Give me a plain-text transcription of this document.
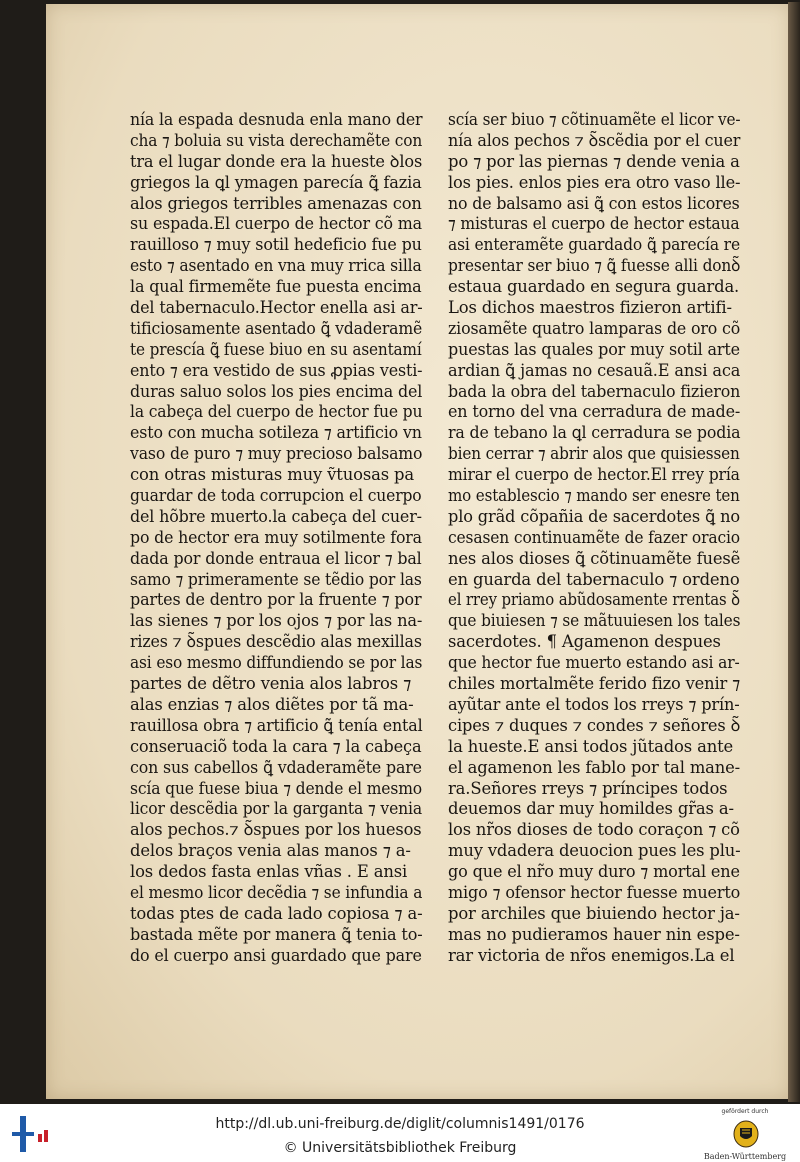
nía la espada desnuda enla mano der
cha ⁊ boluia su vista derechamẽte con
tra el lugar donde era la hueste ꝺlos
griegos la ꝗl ymagen parecía ꝗ̃ fazia
alos griegos terribles amenazas con
su espada.El cuerpo de hector cõ ma
rauilloso ⁊ muy sotil hedeficio fue pu
esto ⁊ asentado en vna muy rrica silla
la qual firmemẽte fue puesta encima
del tabernaculo.Hector enella asi ar-
tificiosamente asentado ꝗ̃ vdaderamẽ
te prescía ꝗ̃ fuese biuo en su asentamí
ento ⁊ era vestido de sus ꝓpias vesti-
duras saluo solos los pies encima del
la cabeça del cuerpo de hector fue pu
esto con mucha sotileza ⁊ artificio vn
vaso de puro ⁊ muy precioso balsamo
con otras misturas muy ṽtuosas pa
guardar de toda corrupcion el cuerpo
del hõbre muerto.la cabeça del cuer-
po de hector era muy sotilmente fora
dada por donde entraua el licor ⁊ bal
samo ⁊ primeramente se tẽdio por las
partes de dentro por la fruente ⁊ por
las sienes ⁊ por los ojos ⁊ por las na-
rizes ⁊ ꝺ̃spues descẽdio alas mexillas
asi eso mesmo diffundiendo se por las
partes de dẽtro venia alos labros ⁊
alas enzias ⁊ alos diẽtes por tã ma-
rauillosa obra ⁊ artificio ꝗ̃ tenía ental
conseruaciõ toda la cara ⁊ la cabeça
con sus cabellos ꝗ̃ vdaderamẽte pare
scía que fuese biua ⁊ dende el mesmo
licor descẽdia por la garganta ⁊ venia
alos pechos.⁊ ꝺ̃spues por los huesos
delos braços venia alas manos ⁊ a-
los dedos fasta enlas vñas . E ansi
el mesmo licor decẽdia ⁊ se infundia a
todas ptes de cada lado copiosa ⁊ a-
bastada mẽte por manera ꝗ̃ tenia to-
do el cuerpo ansi guardado que pare
scía ser biuo ⁊ cõtinuamẽte el licor ve-
nía alos pechos ⁊ ꝺ̃scẽdia por el cuer
po ⁊ por las piernas ⁊ dende venia a
los pies. enlos pies era otro vaso lle-
no de balsamo asi ꝗ̃ con estos licores
⁊ misturas el cuerpo de hector estaua
asi enteramẽte guardado ꝗ̃ parecía re
presentar ser biuo ⁊ ꝗ̃ fuesse alli donꝺ̃
estaua guardado en segura guarda.
Los dichos maestros fizieron artifi-
ziosamẽte quatro lamparas de oro cõ
puestas las quales por muy sotil arte
ardian ꝗ̃ jamas no cesauã.E ansi aca
bada la obra del tabernaculo fizieron
en torno del vna cerradura de made-
ra de tebano la ꝗl cerradura se podia
bien cerrar ⁊ abrir alos que quisiessen
mirar el cuerpo de hector.El rrey pría
mo establescio ⁊ mando ser enesre ten
plo grãd cõpañia de sacerdotes ꝗ̃ no
cesasen continuamẽte de fazer oracio
nes alos dioses ꝗ̃ cõtinuamẽte fuesẽ
en guarda del tabernaculo ⁊ ordeno
el rrey priamo abũdosamente rrentas ꝺ̃
que biuiesen ⁊ se mãtuuiesen los tales
sacerdotes. ¶ Agamenon despues
que hector fue muerto estando asi ar-
chiles mortalmẽte ferido fizo venir ⁊
ayũtar ante el todos los rreys ⁊ prín-
cipes ⁊ duques ⁊ condes ⁊ señores ꝺ̃
la hueste.E ansi todos jũtados ante
el agamenon les fablo por tal mane-
ra.Señores rreys ⁊ príncipes todos
deuemos dar muy homildes gr̃as a-
los nr̃os dioses de todo coraçon ⁊ cõ
muy vdadera deuocion pues les plu-
go que el nr̃o muy duro ⁊ mortal ene
migo ⁊ ofensor hector fuesse muerto
por archiles que biuiendo hector ja-
mas no pudieramos hauer nin espe-
rar victoria de nr̃os enemigos.La el
http://dl.ub.uni-freiburg.de/diglit/columnis1491/0176
© Universitätsbibliothek Freiburg
gefördert durch
Baden-Württemberg
